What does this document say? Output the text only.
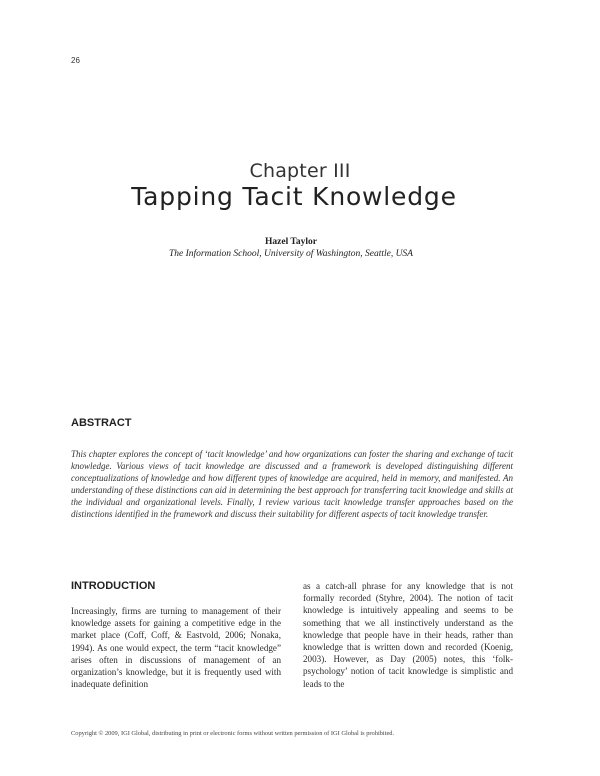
26
Chapter III
Tapping Tacit Knowledge
Hazel Taylor
The Information School, University of Washington, Seattle, USA
ABSTRACT
This chapter explores the concept of ‘tacit knowledge’ and how organizations can foster the sharing and exchange of tacit knowledge. Various views of tacit knowledge are discussed and a framework is developed distinguishing different conceptualizations of knowledge and how different types of knowledge are acquired, held in memory, and manifested. An understanding of these distinctions can aid in determining the best approach for transferring tacit knowledge and skills at the individual and organizational levels. Finally, I review various tacit knowledge transfer approaches based on the distinctions identified in the framework and discuss their suitability for different aspects of tacit knowledge transfer.
INTRODUCTION
Increasingly, firms are turning to management of their knowledge assets for gaining a competitive edge in the market place (Coff, Coff, & Eastvold, 2006; Nonaka, 1994). As one would expect, the term “tacit knowledge” arises often in discussions of management of an organization’s knowledge, but it is frequently used with inadequate definition
as a catch-all phrase for any knowledge that is not formally recorded (Styhre, 2004). The notion of tacit knowledge is intuitively appealing and seems to be something that we all instinctively understand as the knowledge that people have in their heads, rather than knowledge that is written down and recorded (Koenig, 2003). However, as Day (2005) notes, this ‘folk-psychology’ notion of tacit knowledge is simplistic and leads to the
Copyright © 2009, IGI Global, distributing in print or electronic forms without written permission of IGI Global is prohibited.
